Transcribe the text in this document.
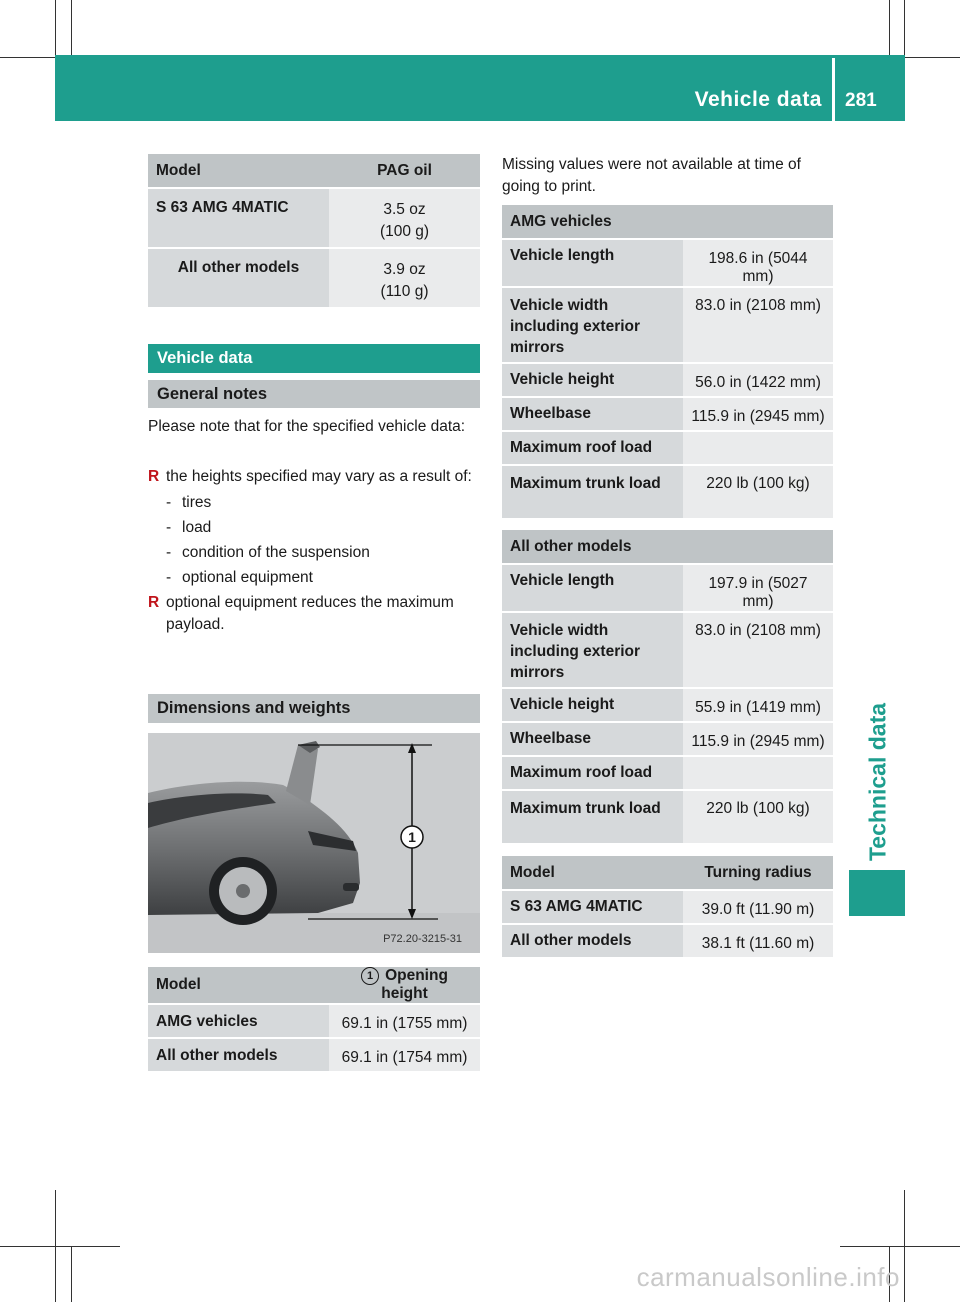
Vehicle data 281
Technical data
Model	PAG oil
S 63 AMG 4MATIC	3.5 oz
(100 g)

All other models	3.9 oz
(110 g)
Vehicle data
General notes
Please note that for the specified vehicle data:
R the heights specified may vary as a result of:
- tires
- load
- condition of the suspension
- optional equipment
R optional equipment reduces the maximum payload.
Dimensions and weights
1
P72.20-3215-31
Model	1 Opening height
AMG vehicles	69.1 in (1755 mm)
All other models	69.1 in (1754 mm)
Missing values were not available at time of going to print.
AMG vehicles	
Vehicle length	198.6 in (5044 mm)
Vehicle width including exterior mirrors	83.0 in (2108 mm)
Vehicle height	56.0 in (1422 mm)
Wheelbase	115.9 in (2945 mm)
Maximum roof load	
Maximum trunk load	220 lb (100 kg)
All other models	
Vehicle length	197.9 in (5027 mm)
Vehicle width including exterior mirrors	83.0 in (2108 mm)
Vehicle height	55.9 in (1419 mm)
Wheelbase	115.9 in (2945 mm)
Maximum roof load	
Maximum trunk load	220 lb (100 kg)
Model	Turning radius
S 63 AMG 4MATIC	39.0 ft (11.90 m)
All other models	38.1 ft (11.60 m)
carmanualsonline.info
